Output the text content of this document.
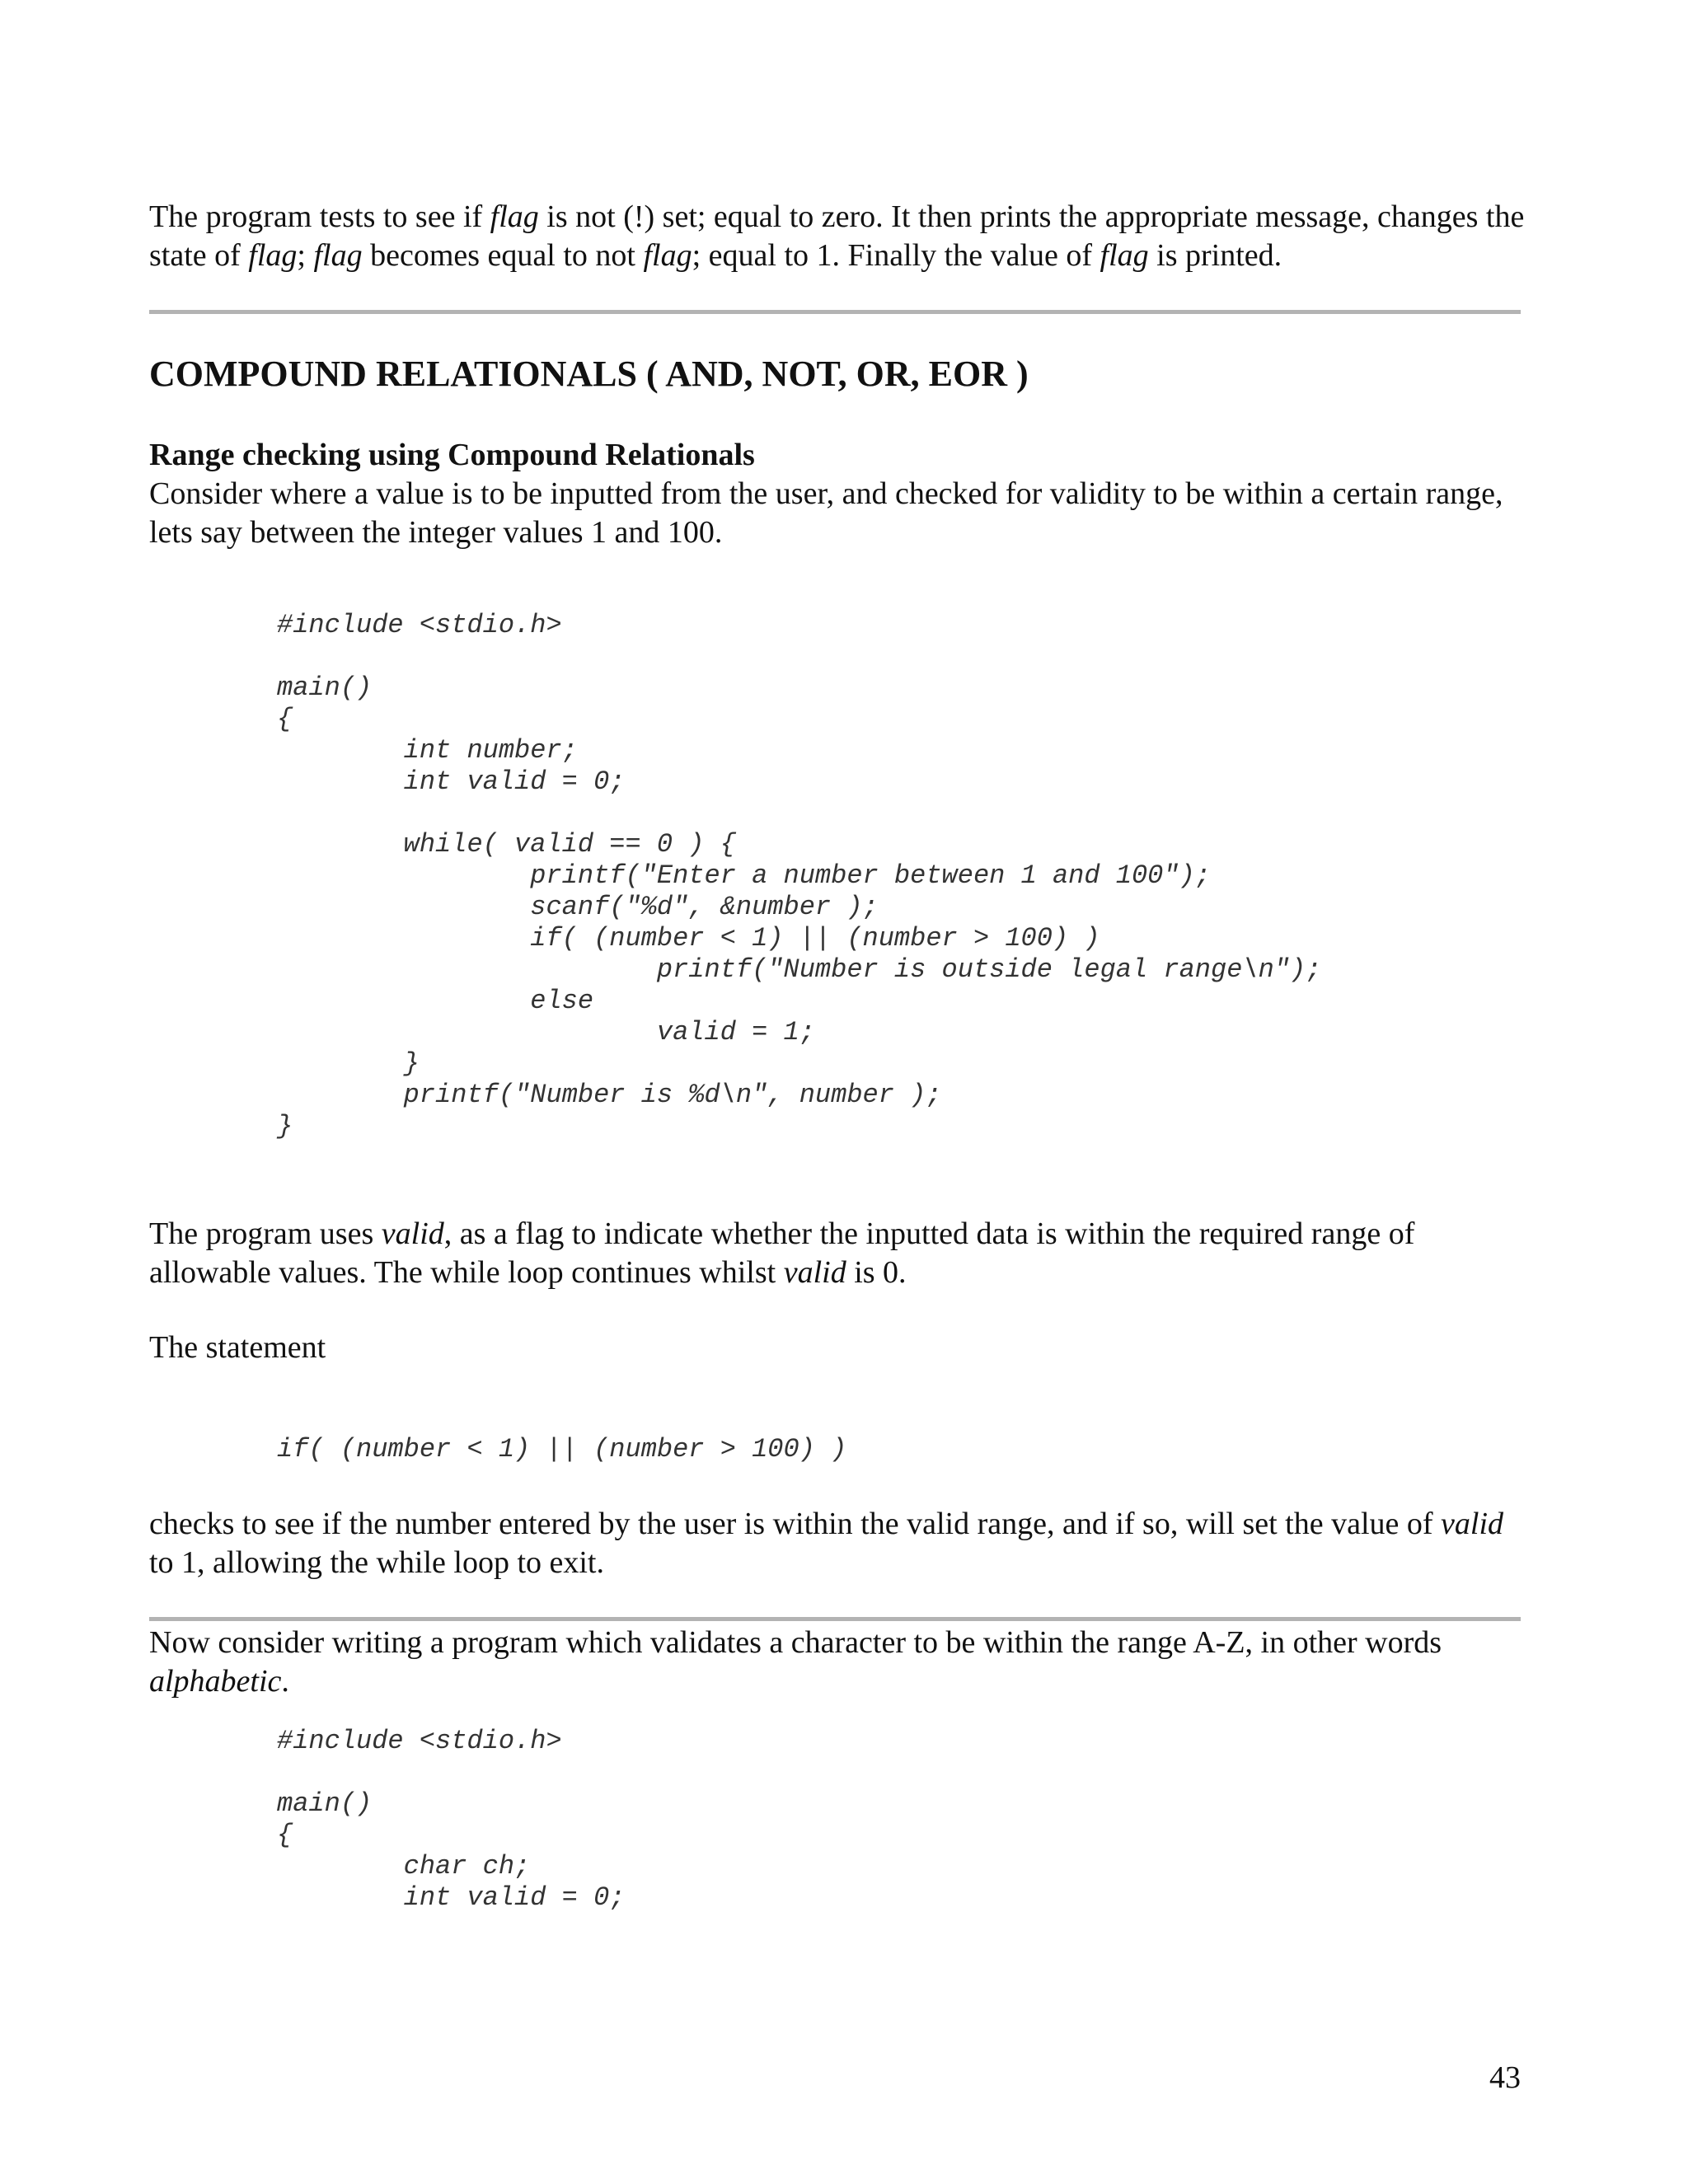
The program tests to see if flag is not (!) set; equal to zero. It then prints the appropriate message, changes the state of flag; flag becomes equal to not flag; equal to 1. Finally the value of flag is printed.

COMPOUND RELATIONALS ( AND, NOT, OR, EOR )
Range checking using Compound Relationals

Consider where a value is to be inputted from the user, and checked for validity to be within a certain range, lets say between the integer values 1 and 100.

#include <stdio.h>

main()
{
int number;
int valid = 0;

while( valid == 0 ) {
printf("Enter a number between 1 and 100");
scanf("%d", &number );
if( (number < 1) || (number > 100) )
printf("Number is outside legal range\n");
else
valid = 1;
}
printf("Number is %d\n", number );
}

The program uses valid, as a flag to indicate whether the inputted data is within the required range of allowable values. The while loop continues whilst valid is 0.

The statement

if( (number < 1) || (number > 100) )

checks to see if the number entered by the user is within the valid range, and if so, will set the value of valid to 1, allowing the while loop to exit.

Now consider writing a program which validates a character to be within the range A-Z, in other words alphabetic.

#include <stdio.h>

main()
{
char ch;
int valid = 0;

43
